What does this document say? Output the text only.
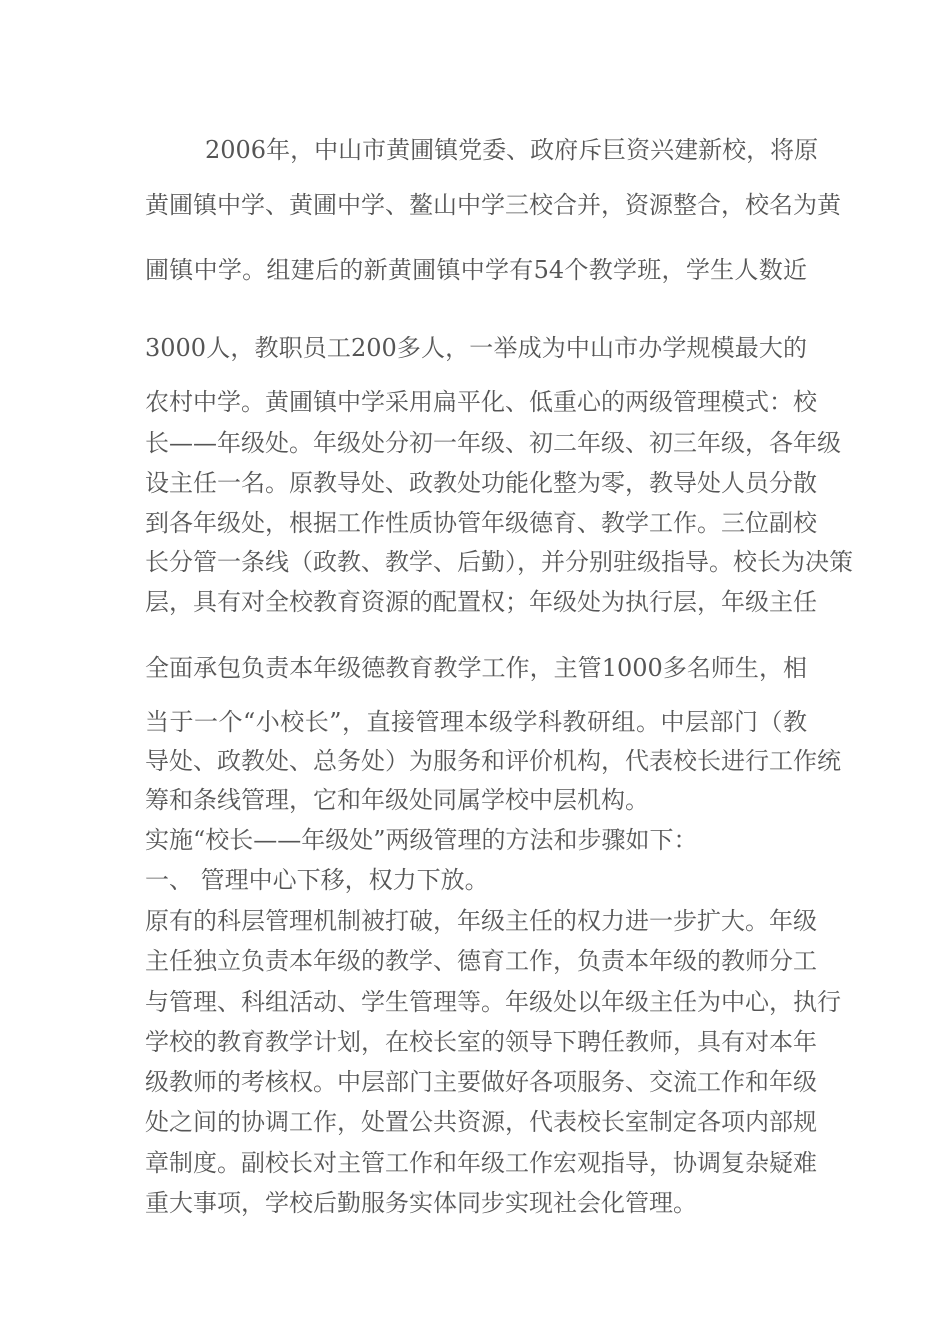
2006年，中山市黄圃镇党委、政府斥巨资兴建新校，将原
黄圃镇中学、黄圃中学、鳌山中学三校合并，资源整合，校名为黄
圃镇中学。组建后的新黄圃镇中学有54个教学班，学生人数近
3000人，教职员工200多人，一举成为中山市办学规模最大的
农村中学。黄圃镇中学采用扁平化、低重心的两级管理模式：校
长——年级处。年级处分初一年级、初二年级、初三年级，各年级
设主任一名。原教导处、政教处功能化整为零，教导处人员分散
到各年级处，根据工作性质协管年级德育、教学工作。三位副校
长分管一条线（政教、教学、后勤），并分别驻级指导。校长为决策
层，具有对全校教育资源的配置权；年级处为执行层，年级主任
全面承包负责本年级德教育教学工作，主管1000多名师生，相
当于一个“小校长”，直接管理本级学科教研组。中层部门（教
导处、政教处、总务处）为服务和评价机构，代表校长进行工作统
筹和条线管理，它和年级处同属学校中层机构。
实施“校长——年级处”两级管理的方法和步骤如下：
一、 管理中心下移，权力下放。
原有的科层管理机制被打破，年级主任的权力进一步扩大。年级
主任独立负责本年级的教学、德育工作，负责本年级的教师分工
与管理、科组活动、学生管理等。年级处以年级主任为中心，执行
学校的教育教学计划，在校长室的领导下聘任教师，具有对本年
级教师的考核权。中层部门主要做好各项服务、交流工作和年级
处之间的协调工作，处置公共资源，代表校长室制定各项内部规
章制度。副校长对主管工作和年级工作宏观指导，协调复杂疑难
重大事项，学校后勤服务实体同步实现社会化管理。
